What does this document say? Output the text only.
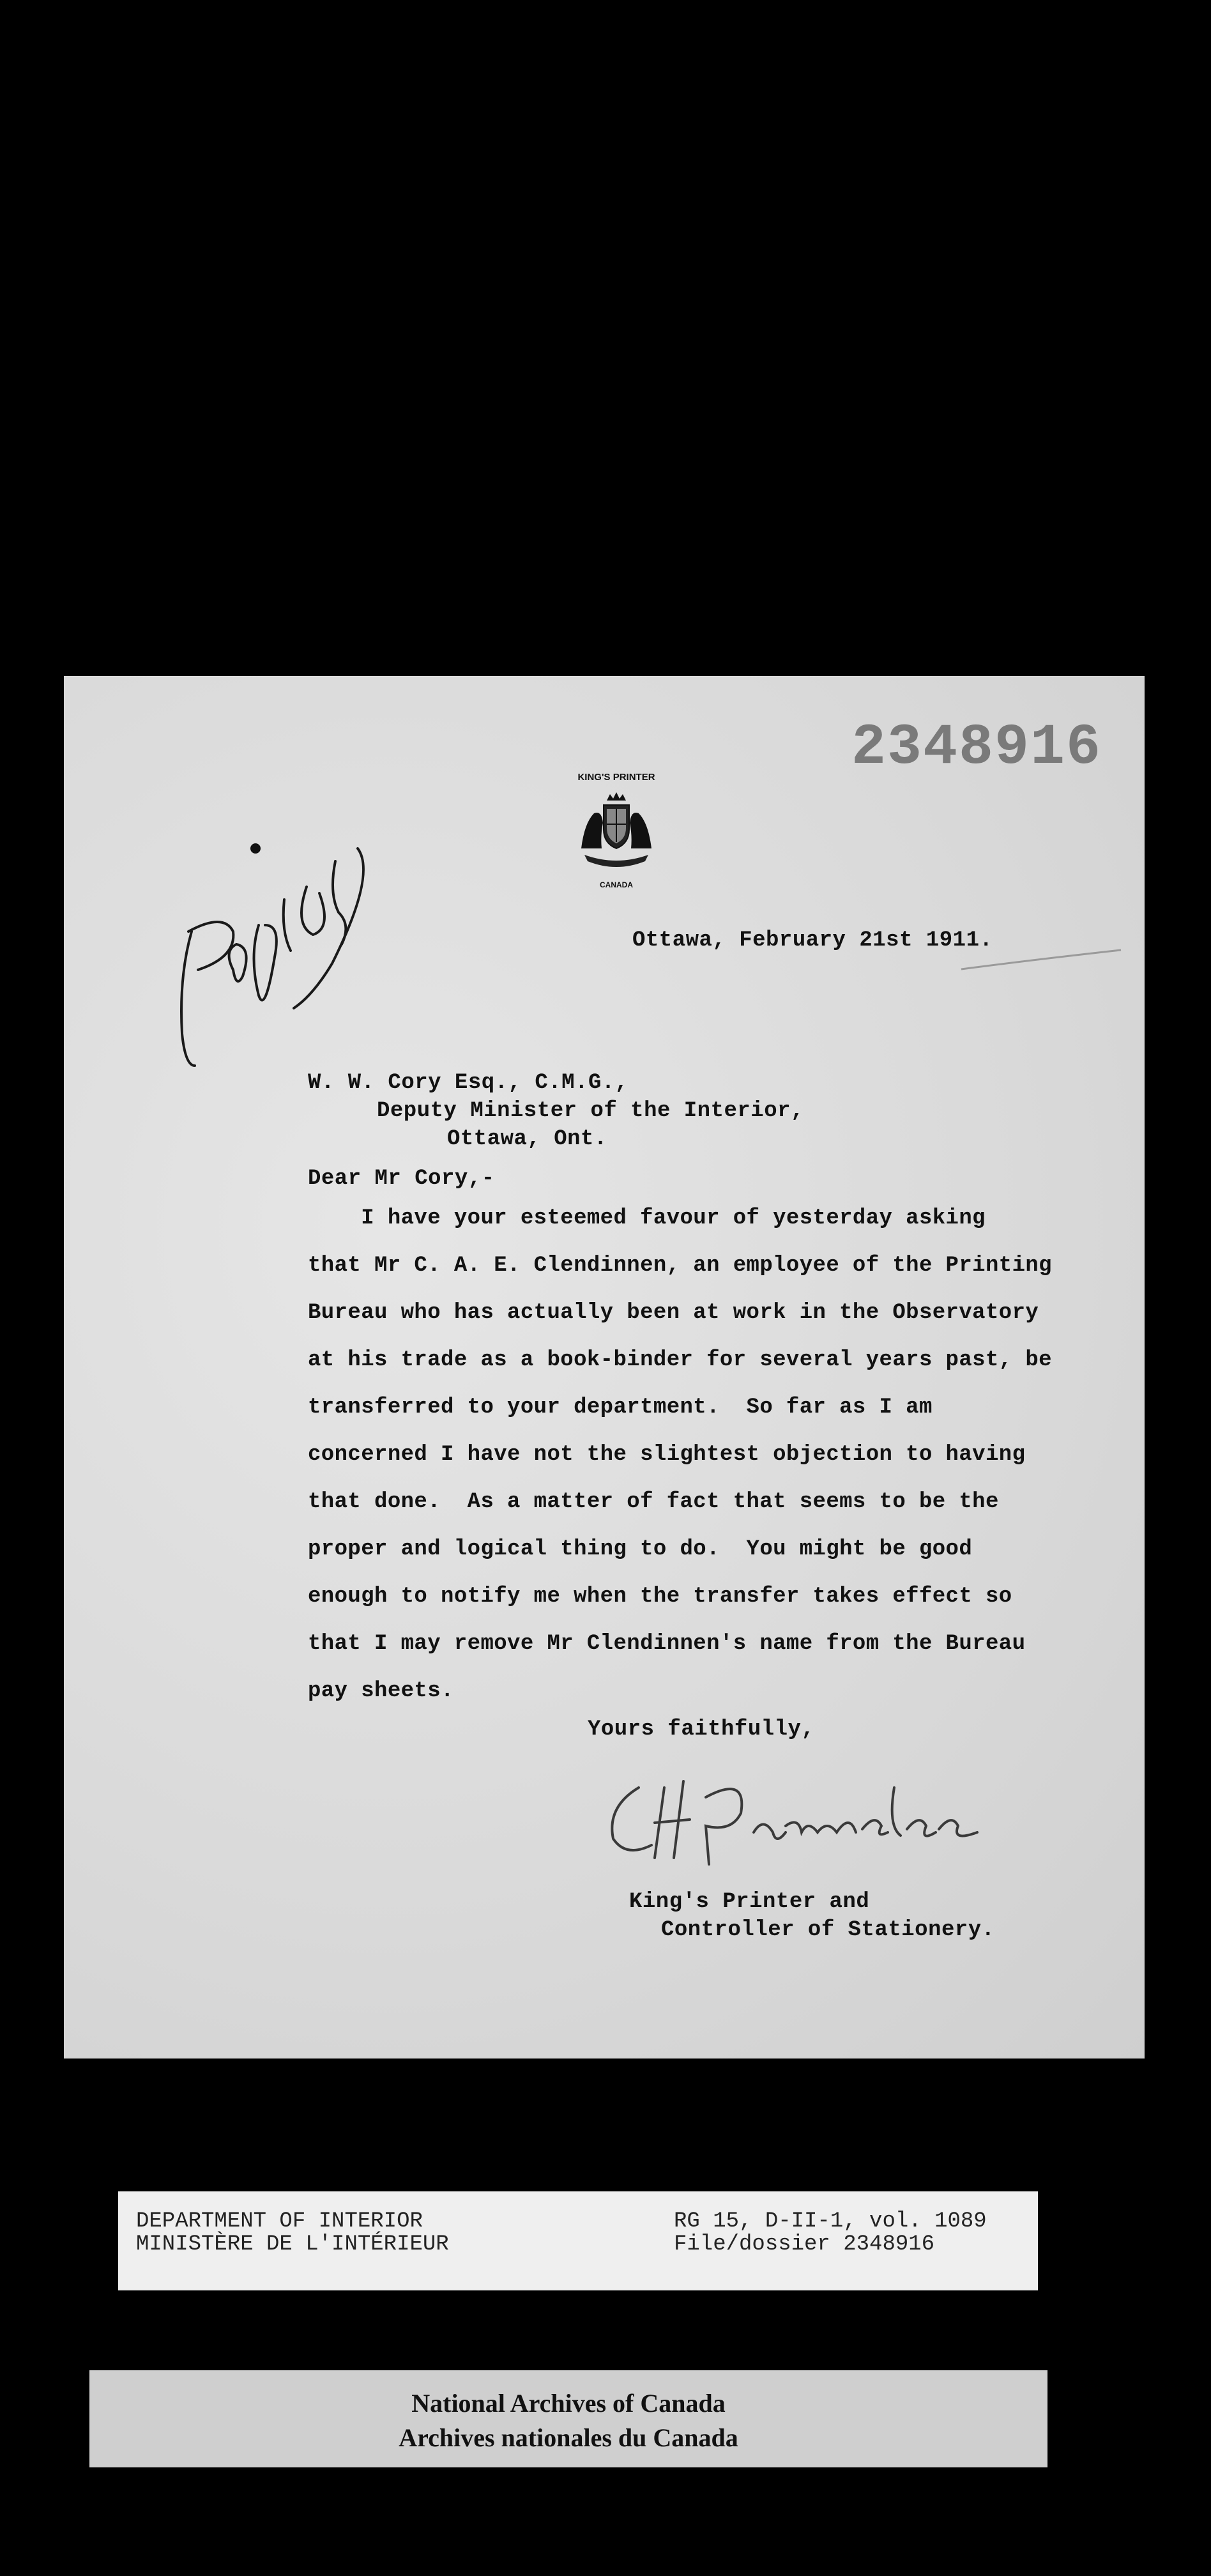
2348916
KING'S PRINTER
CANADA
Ottawa, February 21st 1911.
W. W. Cory Esq., C.M.G.,
Deputy Minister of the Interior,
Ottawa, Ont.
Dear Mr Cory,-
I have your esteemed favour of yesterday asking
that Mr C. A. E. Clendinnen, an employee of the Printing
Bureau who has actually been at work in the Observatory
at his trade as a book-binder for several years past, be
transferred to your department.  So far as I am
concerned I have not the slightest objection to having
that done.  As a matter of fact that seems to be the
proper and logical thing to do.  You might be good
enough to notify me when the transfer takes effect so
that I may remove Mr Clendinnen's name from the Bureau
pay sheets.
Yours faithfully,
King's Printer and
Controller of Stationery.
DEPARTMENT OF INTERIOR
MINISTÈRE DE L'INTÉRIEUR
RG 15, D-II-1, vol. 1089
File/dossier 2348916
National Archives of Canada
Archives nationales du Canada
